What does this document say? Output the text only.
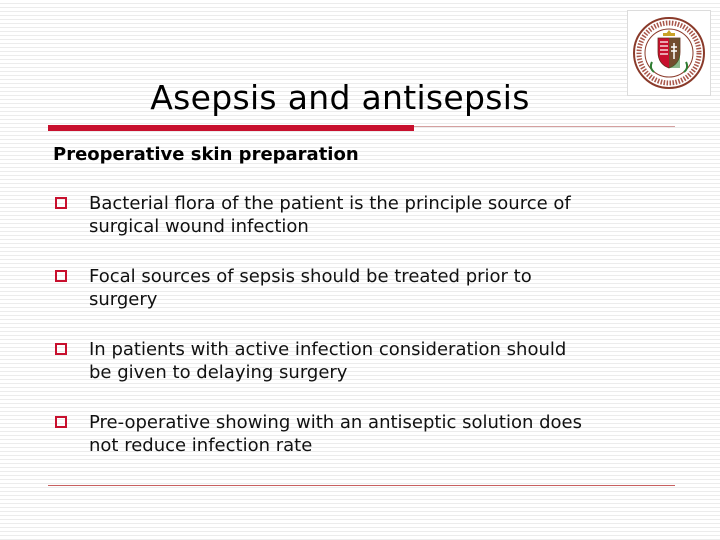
Asepsis and antisepsis
Preoperative skin preparation
Bacterial flora of the patient is the principle source of
surgical wound infection
Focal sources of sepsis should be treated prior to
surgery
In patients with active infection consideration should
be given to delaying surgery
Pre-operative showing with an antiseptic solution does
not reduce infection rate
